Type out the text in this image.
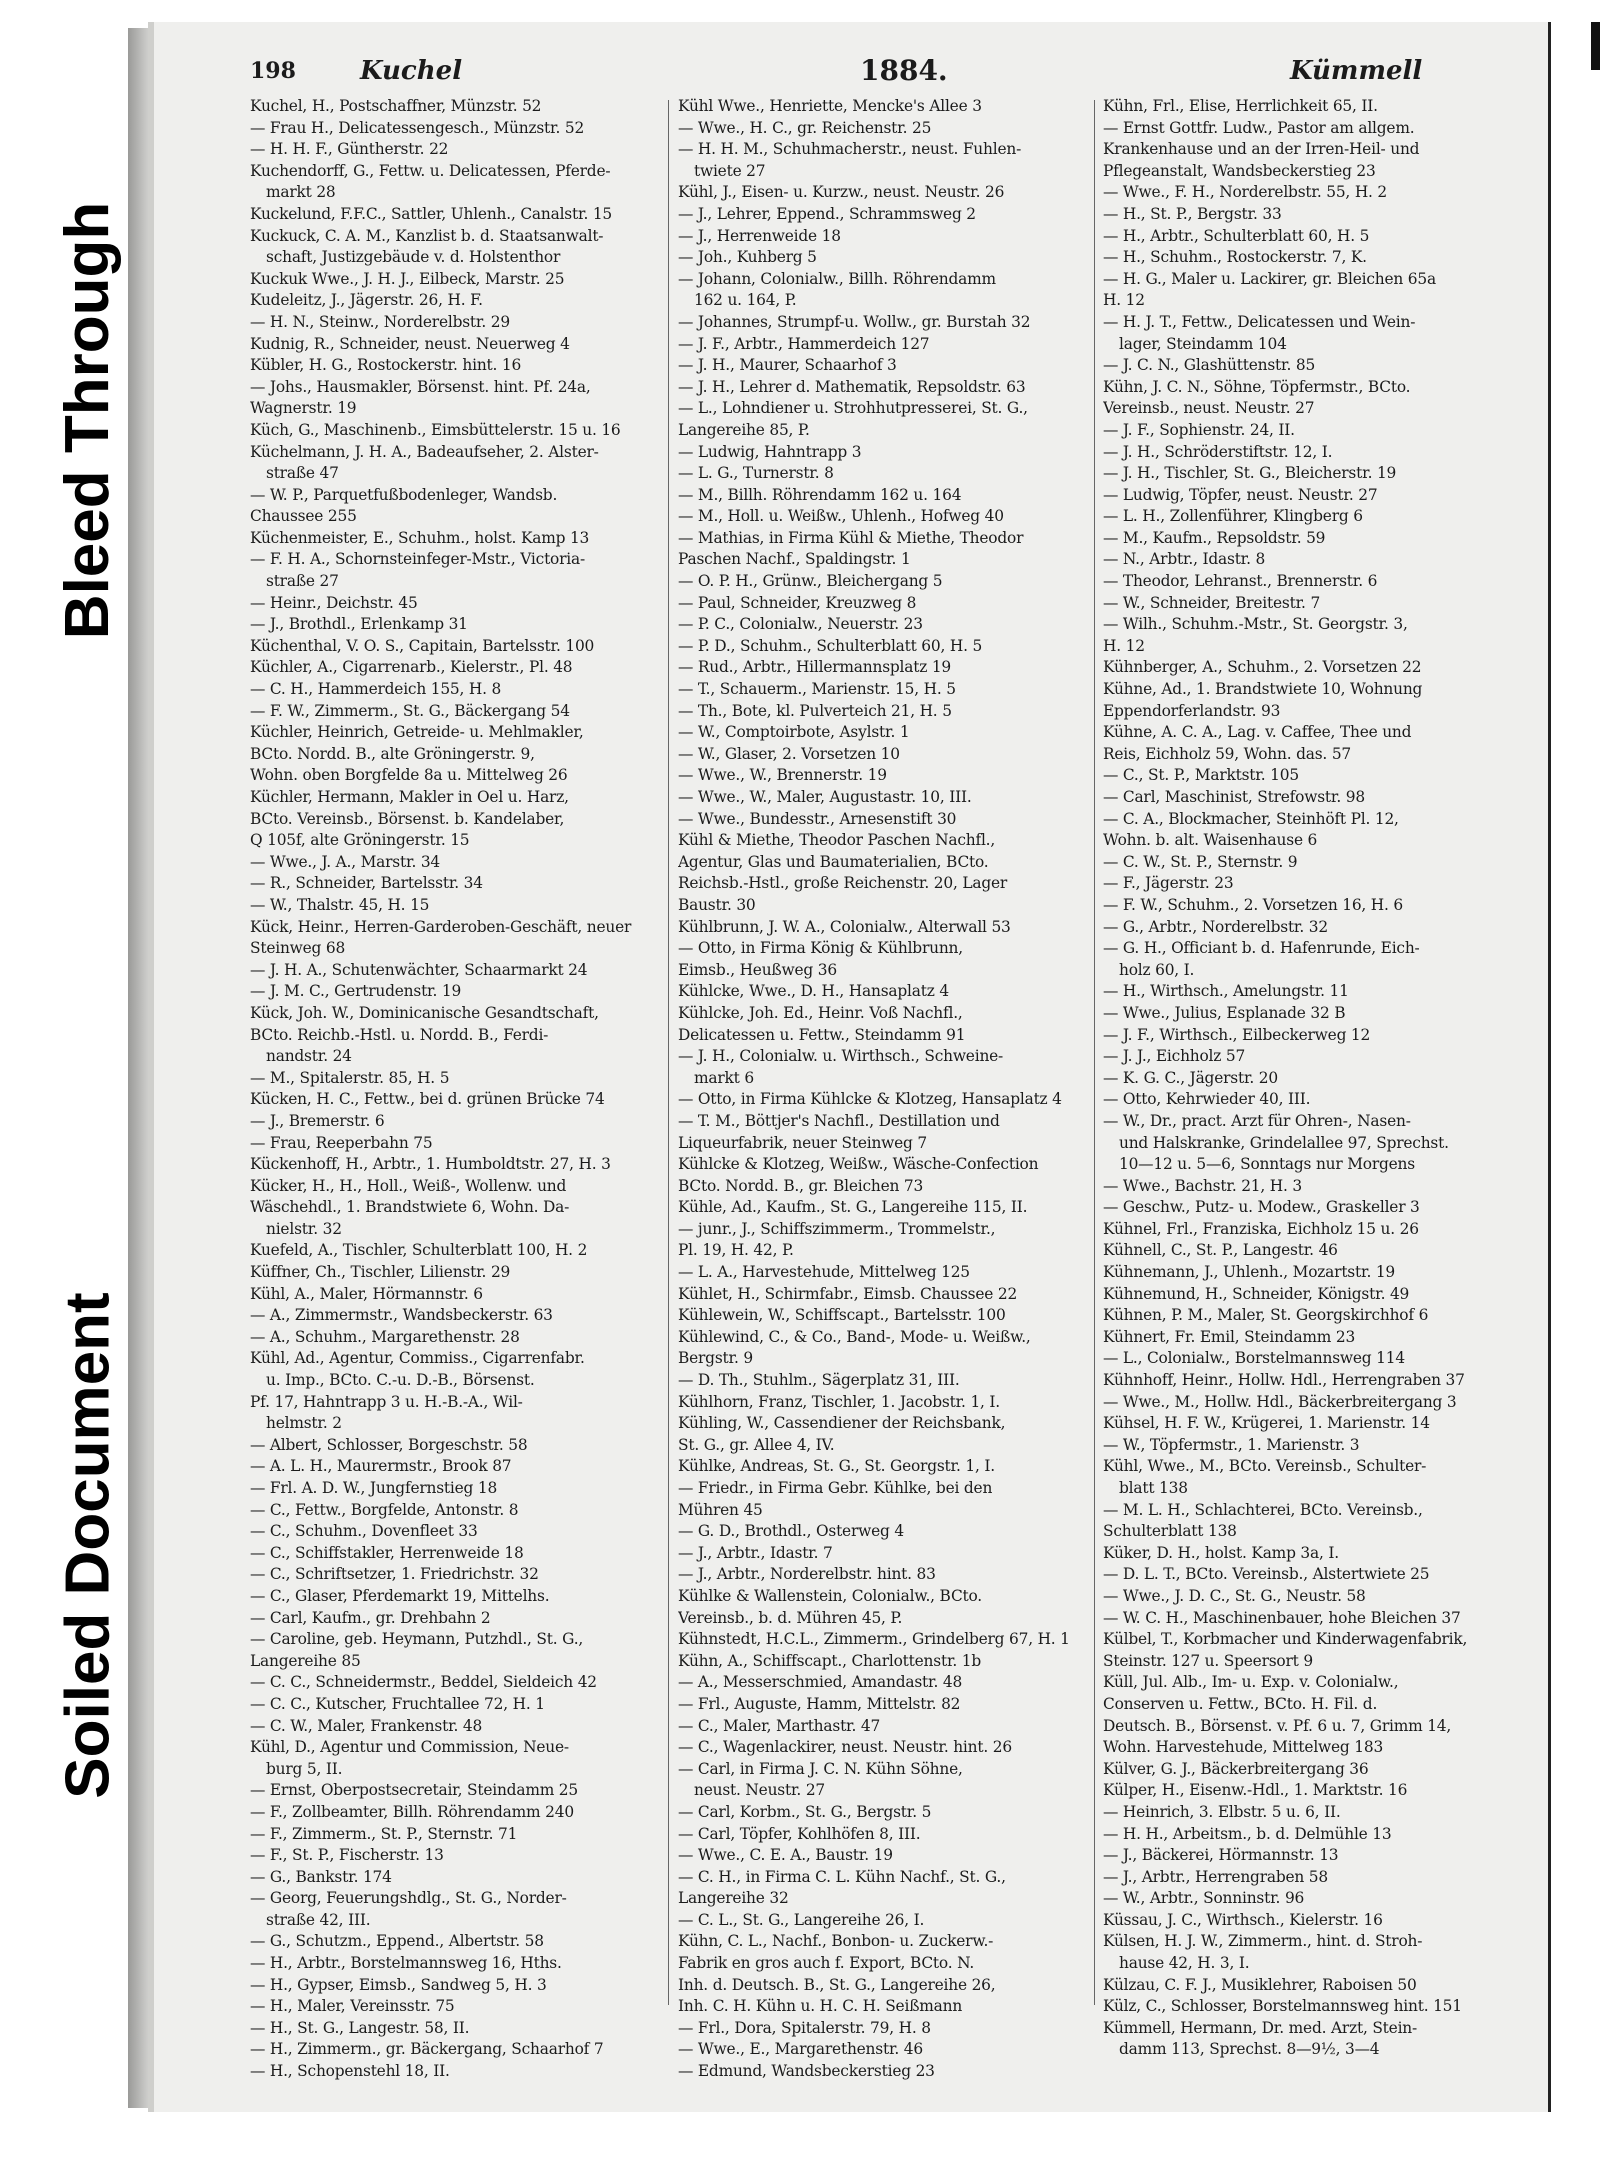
Bleed Through
Soiled Document
198 Kuchel	1884.	Kümmell
Kuchel, H., Postschaffner, Münzstr. 52
— Frau H., Delicatessengesch., Münzstr. 52
— H. H. F., Güntherstr. 22
Kuchendorff, G., Fettw. u. Delicatessen, Pferde-
markt 28
Kuckelund, F.F.C., Sattler, Uhlenh., Canalstr. 15
Kuckuck, C. A. M., Kanzlist b. d. Staatsanwalt-
schaft, Justizgebäude v. d. Holstenthor
Kuckuk Wwe., J. H. J., Eilbeck, Marstr. 25
Kudeleitz, J., Jägerstr. 26, H. F.
— H. N., Steinw., Norderelbstr. 29
Kudnig, R., Schneider, neust. Neuerweg 4
Kübler, H. G., Rostockerstr. hint. 16
— Johs., Hausmakler, Börsenst. hint. Pf. 24a,
Wagnerstr. 19
Küch, G., Maschinenb., Eimsbüttelerstr. 15 u. 16
Küchelmann, J. H. A., Badeaufseher, 2. Alster-
straße 47
— W. P., Parquetfußbodenleger, Wandsb.
Chaussee 255
Küchenmeister, E., Schuhm., holst. Kamp 13
— F. H. A., Schornsteinfeger-Mstr., Victoria-
straße 27
— Heinr., Deichstr. 45
— J., Brothdl., Erlenkamp 31
Küchenthal, V. O. S., Capitain, Bartelsstr. 100
Küchler, A., Cigarrenarb., Kielerstr., Pl. 48
— C. H., Hammerdeich 155, H. 8
— F. W., Zimmerm., St. G., Bäckergang 54
Küchler, Heinrich, Getreide- u. Mehlmakler,
BCto. Nordd. B., alte Gröningerstr. 9,
Wohn. oben Borgfelde 8a u. Mittelweg 26
Küchler, Hermann, Makler in Oel u. Harz,
BCto. Vereinsb., Börsenst. b. Kandelaber,
Q 105f, alte Gröningerstr. 15
— Wwe., J. A., Marstr. 34
— R., Schneider, Bartelsstr. 34
— W., Thalstr. 45, H. 15
Kück, Heinr., Herren-Garderoben-Geschäft, neuer
Steinweg 68
— J. H. A., Schutenwächter, Schaarmarkt 24
— J. M. C., Gertrudenstr. 19
Kück, Joh. W., Dominicanische Gesandtschaft,
BCto. Reichb.-Hstl. u. Nordd. B., Ferdi-
nandstr. 24
— M., Spitalerstr. 85, H. 5
Kücken, H. C., Fettw., bei d. grünen Brücke 74
— J., Bremerstr. 6
— Frau, Reeperbahn 75
Kückenhoff, H., Arbtr., 1. Humboldtstr. 27, H. 3
Kücker, H., H., Holl., Weiß-, Wollenw. und
Wäschehdl., 1. Brandstwiete 6, Wohn. Da-
nielstr. 32
Kuefeld, A., Tischler, Schulterblatt 100, H. 2
Küffner, Ch., Tischler, Lilienstr. 29
Kühl, A., Maler, Hörmannstr. 6
— A., Zimmermstr., Wandsbeckerstr. 63
— A., Schuhm., Margarethenstr. 28
Kühl, Ad., Agentur, Commiss., Cigarrenfabr.
u. Imp., BCto. C.-u. D.-B., Börsenst.
Pf. 17, Hahntrapp 3 u. H.-B.-A., Wil-
helmstr. 2
— Albert, Schlosser, Borgeschstr. 58
— A. L. H., Maurermstr., Brook 87
— Frl. A. D. W., Jungfernstieg 18
— C., Fettw., Borgfelde, Antonstr. 8
— C., Schuhm., Dovenfleet 33
— C., Schiffstakler, Herrenweide 18
— C., Schriftsetzer, 1. Friedrichstr. 32
— C., Glaser, Pferdemarkt 19, Mittelhs.
— Carl, Kaufm., gr. Drehbahn 2
— Caroline, geb. Heymann, Putzhdl., St. G.,
Langereihe 85
— C. C., Schneidermstr., Beddel, Sieldeich 42
— C. C., Kutscher, Fruchtallee 72, H. 1
— C. W., Maler, Frankenstr. 48
Kühl, D., Agentur und Commission, Neue-
burg 5, II.
— Ernst, Oberpostsecretair, Steindamm 25
— F., Zollbeamter, Billh. Röhrendamm 240
— F., Zimmerm., St. P., Sternstr. 71
— F., St. P., Fischerstr. 13
— G., Bankstr. 174
— Georg, Feuerungshdlg., St. G., Norder-
straße 42, III.
— G., Schutzm., Eppend., Albertstr. 58
— H., Arbtr., Borstelmannsweg 16, Hths.
— H., Gypser, Eimsb., Sandweg 5, H. 3
— H., Maler, Vereinsstr. 75
— H., St. G., Langestr. 58, II.
— H., Zimmerm., gr. Bäckergang, Schaarhof 7
— H., Schopenstehl 18, II.
Kühl Wwe., Henriette, Mencke's Allee 3
— Wwe., H. C., gr. Reichenstr. 25
— H. H. M., Schuhmacherstr., neust. Fuhlen-
twiete 27
Kühl, J., Eisen- u. Kurzw., neust. Neustr. 26
— J., Lehrer, Eppend., Schrammsweg 2
— J., Herrenweide 18
— Joh., Kuhberg 5
— Johann, Colonialw., Billh. Röhrendamm
162 u. 164, P.
— Johannes, Strumpf-u. Wollw., gr. Burstah 32
— J. F., Arbtr., Hammerdeich 127
— J. H., Maurer, Schaarhof 3
— J. H., Lehrer d. Mathematik, Repsoldstr. 63
— L., Lohndiener u. Strohhutpresserei, St. G.,
Langereihe 85, P.
— Ludwig, Hahntrapp 3
— L. G., Turnerstr. 8
— M., Billh. Röhrendamm 162 u. 164
— M., Holl. u. Weißw., Uhlenh., Hofweg 40
— Mathias, in Firma Kühl & Miethe, Theodor
Paschen Nachf., Spaldingstr. 1
— O. P. H., Grünw., Bleichergang 5
— Paul, Schneider, Kreuzweg 8
— P. C., Colonialw., Neuerstr. 23
— P. D., Schuhm., Schulterblatt 60, H. 5
— Rud., Arbtr., Hillermannsplatz 19
— T., Schauerm., Marienstr. 15, H. 5
— Th., Bote, kl. Pulverteich 21, H. 5
— W., Comptoirbote, Asylstr. 1
— W., Glaser, 2. Vorsetzen 10
— Wwe., W., Brennerstr. 19
— Wwe., W., Maler, Augustastr. 10, III.
— Wwe., Bundesstr., Arnesenstift 30
Kühl & Miethe, Theodor Paschen Nachfl.,
Agentur, Glas und Baumaterialien, BCto.
Reichsb.-Hstl., große Reichenstr. 20, Lager
Baustr. 30
Kühlbrunn, J. W. A., Colonialw., Alterwall 53
— Otto, in Firma König & Kühlbrunn,
Eimsb., Heußweg 36
Kühlcke, Wwe., D. H., Hansaplatz 4
Kühlcke, Joh. Ed., Heinr. Voß Nachfl.,
Delicatessen u. Fettw., Steindamm 91
— J. H., Colonialw. u. Wirthsch., Schweine-
markt 6
— Otto, in Firma Kühlcke & Klotzeg, Hansaplatz 4
— T. M., Böttjer's Nachfl., Destillation und
Liqueurfabrik, neuer Steinweg 7
Kühlcke & Klotzeg, Weißw., Wäsche-Confection
BCto. Nordd. B., gr. Bleichen 73
Kühle, Ad., Kaufm., St. G., Langereihe 115, II.
— junr., J., Schiffszimmerm., Trommelstr.,
Pl. 19, H. 42, P.
— L. A., Harvestehude, Mittelweg 125
Kühlet, H., Schirmfabr., Eimsb. Chaussee 22
Kühlewein, W., Schiffscapt., Bartelsstr. 100
Kühlewind, C., & Co., Band-, Mode- u. Weißw.,
Bergstr. 9
— D. Th., Stuhlm., Sägerplatz 31, III.
Kühlhorn, Franz, Tischler, 1. Jacobstr. 1, I.
Kühling, W., Cassendiener der Reichsbank,
St. G., gr. Allee 4, IV.
Kühlke, Andreas, St. G., St. Georgstr. 1, I.
— Friedr., in Firma Gebr. Kühlke, bei den
Mühren 45
— G. D., Brothdl., Osterweg 4
— J., Arbtr., Idastr. 7
— J., Arbtr., Norderelbstr. hint. 83
Kühlke & Wallenstein, Colonialw., BCto.
Vereinsb., b. d. Mühren 45, P.
Kühnstedt, H.C.L., Zimmerm., Grindelberg 67, H. 1
Kühn, A., Schiffscapt., Charlottenstr. 1b
— A., Messerschmied, Amandastr. 48
— Frl., Auguste, Hamm, Mittelstr. 82
— C., Maler, Marthastr. 47
— C., Wagenlackirer, neust. Neustr. hint. 26
— Carl, in Firma J. C. N. Kühn Söhne,
neust. Neustr. 27
— Carl, Korbm., St. G., Bergstr. 5
— Carl, Töpfer, Kohlhöfen 8, III.
— Wwe., C. E. A., Baustr. 19
— C. H., in Firma C. L. Kühn Nachf., St. G.,
Langereihe 32
— C. L., St. G., Langereihe 26, I.
Kühn, C. L., Nachf., Bonbon- u. Zuckerw.-
Fabrik en gros auch f. Export, BCto. N.
Inh. d. Deutsch. B., St. G., Langereihe 26,
Inh. C. H. Kühn u. H. C. H. Seißmann
— Frl., Dora, Spitalerstr. 79, H. 8
— Wwe., E., Margarethenstr. 46
— Edmund, Wandsbeckerstieg 23
Kühn, Frl., Elise, Herrlichkeit 65, II.
— Ernst Gottfr. Ludw., Pastor am allgem.
Krankenhause und an der Irren-Heil- und
Pflegeanstalt, Wandsbeckerstieg 23
— Wwe., F. H., Norderelbstr. 55, H. 2
— H., St. P., Bergstr. 33
— H., Arbtr., Schulterblatt 60, H. 5
— H., Schuhm., Rostockerstr. 7, K.
— H. G., Maler u. Lackirer, gr. Bleichen 65a
H. 12
— H. J. T., Fettw., Delicatessen und Wein-
lager, Steindamm 104
— J. C. N., Glashüttenstr. 85
Kühn, J. C. N., Söhne, Töpfermstr., BCto.
Vereinsb., neust. Neustr. 27
— J. F., Sophienstr. 24, II.
— J. H., Schröderstiftstr. 12, I.
— J. H., Tischler, St. G., Bleicherstr. 19
— Ludwig, Töpfer, neust. Neustr. 27
— L. H., Zollenführer, Klingberg 6
— M., Kaufm., Repsoldstr. 59
— N., Arbtr., Idastr. 8
— Theodor, Lehranst., Brennerstr. 6
— W., Schneider, Breitestr. 7
— Wilh., Schuhm.-Mstr., St. Georgstr. 3,
H. 12
Kühnberger, A., Schuhm., 2. Vorsetzen 22
Kühne, Ad., 1. Brandstwiete 10, Wohnung
Eppendorferlandstr. 93
Kühne, A. C. A., Lag. v. Caffee, Thee und
Reis, Eichholz 59, Wohn. das. 57
— C., St. P., Marktstr. 105
— Carl, Maschinist, Strefowstr. 98
— C. A., Blockmacher, Steinhöft Pl. 12,
Wohn. b. alt. Waisenhause 6
— C. W., St. P., Sternstr. 9
— F., Jägerstr. 23
— F. W., Schuhm., 2. Vorsetzen 16, H. 6
— G., Arbtr., Norderelbstr. 32
— G. H., Officiant b. d. Hafenrunde, Eich-
holz 60, I.
— H., Wirthsch., Amelungstr. 11
— Wwe., Julius, Esplanade 32 B
— J. F., Wirthsch., Eilbeckerweg 12
— J. J., Eichholz 57
— K. G. C., Jägerstr. 20
— Otto, Kehrwieder 40, III.
— W., Dr., pract. Arzt für Ohren-, Nasen-
und Halskranke, Grindelallee 97, Sprechst.
10—12 u. 5—6, Sonntags nur Morgens
— Wwe., Bachstr. 21, H. 3
— Geschw., Putz- u. Modew., Graskeller 3
Kühnel, Frl., Franziska, Eichholz 15 u. 26
Kühnell, C., St. P., Langestr. 46
Kühnemann, J., Uhlenh., Mozartstr. 19
Kühnemund, H., Schneider, Königstr. 49
Kühnen, P. M., Maler, St. Georgskirchhof 6
Kühnert, Fr. Emil, Steindamm 23
— L., Colonialw., Borstelmannsweg 114
Kühnhoff, Heinr., Hollw. Hdl., Herrengraben 37
— Wwe., M., Hollw. Hdl., Bäckerbreitergang 3
Kühsel, H. F. W., Krügerei, 1. Marienstr. 14
— W., Töpfermstr., 1. Marienstr. 3
Kühl, Wwe., M., BCto. Vereinsb., Schulter-
blatt 138
— M. L. H., Schlachterei, BCto. Vereinsb.,
Schulterblatt 138
Küker, D. H., holst. Kamp 3a, I.
— D. L. T., BCto. Vereinsb., Alstertwiete 25
— Wwe., J. D. C., St. G., Neustr. 58
— W. C. H., Maschinenbauer, hohe Bleichen 37
Külbel, T., Korbmacher und Kinderwagenfabrik,
Steinstr. 127 u. Speersort 9
Küll, Jul. Alb., Im- u. Exp. v. Colonialw.,
Conserven u. Fettw., BCto. H. Fil. d.
Deutsch. B., Börsenst. v. Pf. 6 u. 7, Grimm 14,
Wohn. Harvestehude, Mittelweg 183
Külver, G. J., Bäckerbreitergang 36
Külper, H., Eisenw.-Hdl., 1. Marktstr. 16
— Heinrich, 3. Elbstr. 5 u. 6, II.
— H. H., Arbeitsm., b. d. Delmühle 13
— J., Bäckerei, Hörmannstr. 13
— J., Arbtr., Herrengraben 58
— W., Arbtr., Sonninstr. 96
Küssau, J. C., Wirthsch., Kielerstr. 16
Külsen, H. J. W., Zimmerm., hint. d. Stroh-
hause 42, H. 3, I.
Külzau, C. F. J., Musiklehrer, Raboisen 50
Külz, C., Schlosser, Borstelmannsweg hint. 151
Kümmell, Hermann, Dr. med. Arzt, Stein-
damm 113, Sprechst. 8—9½, 3—4
